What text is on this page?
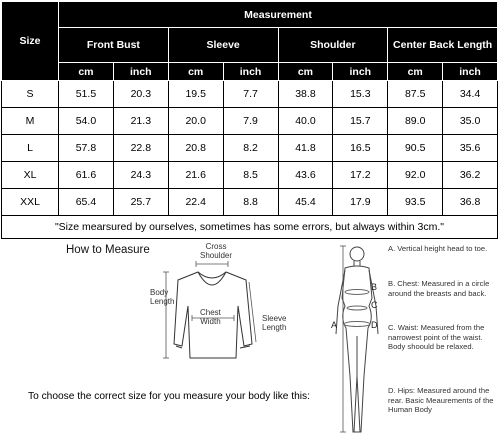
Size	Measurement							
	Front Bust		Sleeve		Shoulder		Center Back Length	
	cm	inch	cm	inch	cm	inch	cm	inch
S	51.5	20.3	19.5	7.7	38.8	15.3	87.5	34.4
M	54.0	21.3	20.0	7.9	40.0	15.7	89.0	35.0
L	57.8	22.8	20.8	8.2	41.8	16.5	90.5	35.6
XL	61.6	24.3	21.6	8.5	43.6	17.2	92.0	36.2
XXL	65.4	25.7	22.4	8.8	45.4	17.9	93.5	36.8
"Size mearsured by ourselves, sometimes has some errors, but always within 3cm."								
How to Measure	Cross
Shoulder
Body
Length
Chest
Width	Sleeve
Length
B
C
A	D
A. Vertical height head to toe.
B. Chest: Measured in a circle around the breasts and back.
C. Waist: Measured from the narrowest point of the waist. Body shoould be relaxed.
D. Hips: Measured around the rear. Basic Meaurements of the Human Body
To choose the correct size for you measure your body like this:
